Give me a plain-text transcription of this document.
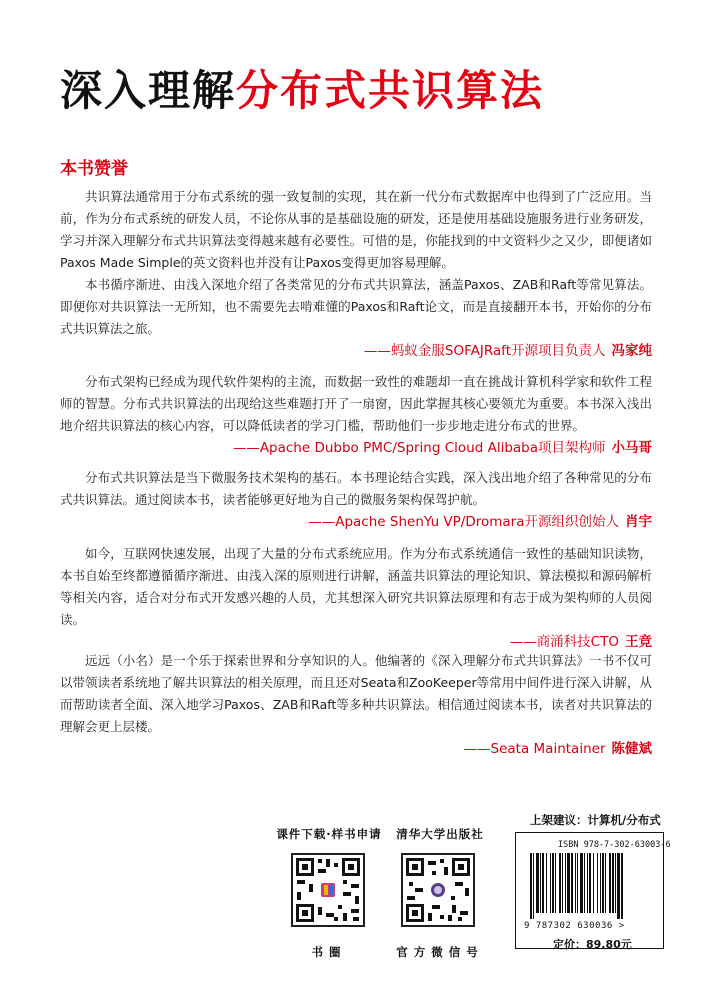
深入理解分布式共识算法
本书赞誉

共识算法通常用于分布式系统的强一致复制的实现，其在新一代分布式数据库中也得到了广泛应用。当前，作为分布式系统的研发人员，不论你从事的是基础设施的研发，还是使用基础设施服务进行业务研发，学习并深入理解分布式共识算法变得越来越有必要性。可惜的是，你能找到的中文资料少之又少，即便诸如Paxos Made Simple的英文资料也并没有让Paxos变得更加容易理解。

本书循序渐进、由浅入深地介绍了各类常见的分布式共识算法，涵盖Paxos、ZAB和Raft等常见算法。即便你对共识算法一无所知，也不需要先去啃难懂的Paxos和Raft论文，而是直接翻开本书，开始你的分布式共识算法之旅。

——蚂蚁金服SOFAJRaft开源项目负责人 冯家纯

分布式架构已经成为现代软件架构的主流，而数据一致性的难题却一直在挑战计算机科学家和软件工程师的智慧。分布式共识算法的出现给这些难题打开了一扇窗，因此掌握其核心要领尤为重要。本书深入浅出地介绍共识算法的核心内容，可以降低读者的学习门槛，帮助他们一步步地走进分布式的世界。

——Apache Dubbo PMC/Spring Cloud Alibaba项目架构师 小马哥

分布式共识算法是当下微服务技术架构的基石。本书理论结合实践，深入浅出地介绍了各种常见的分布式共识算法。通过阅读本书，读者能够更好地为自己的微服务架构保驾护航。

——Apache ShenYu VP/Dromara开源组织创始人 肖宇

如今，互联网快速发展，出现了大量的分布式系统应用。作为分布式系统通信一致性的基础知识读物，本书自始至终都遵循循序渐进、由浅入深的原则进行讲解，涵盖共识算法的理论知识、算法模拟和源码解析等相关内容，适合对分布式开发感兴趣的人员，尤其想深入研究共识算法原理和有志于成为架构师的人员阅读。

——商涌科技CTO 王竞

远远（小名）是一个乐于探索世界和分享知识的人。他编著的《深入理解分布式共识算法》一书不仅可以带领读者系统地了解共识算法的相关原理，而且还对Seata和ZooKeeper等常用中间件进行深入讲解，从而帮助读者全面、深入地学习Paxos、ZAB和Raft等多种共识算法。相信通过阅读本书，读者对共识算法的理解会更上层楼。

——Seata Maintainer 陈健斌
课件下载·样书申请
书圈
清华大学出版社
官方微信号
上架建议：计算机/分布式
ISBN 978-7-302-63003-6
9 787302 630036 >
定价：89.80元
